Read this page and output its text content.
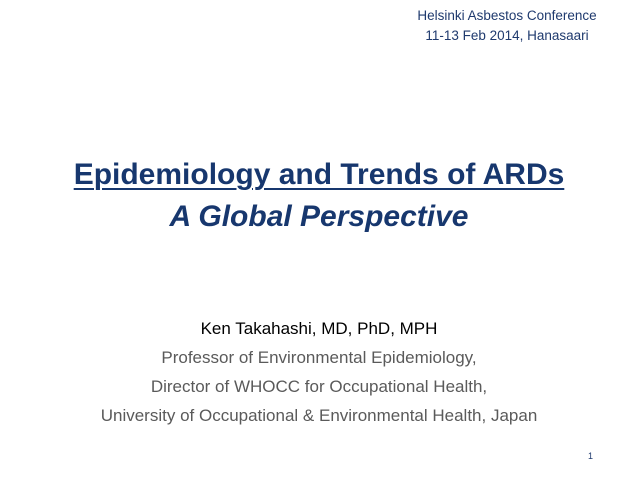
Helsinki Asbestos Conference
11-13 Feb 2014, Hanasaari
Epidemiology and Trends of ARDs
A Global Perspective
Ken Takahashi, MD, PhD, MPH
Professor of Environmental Epidemiology,
Director of WHOCC for Occupational Health,
University of Occupational & Environmental Health, Japan
1
